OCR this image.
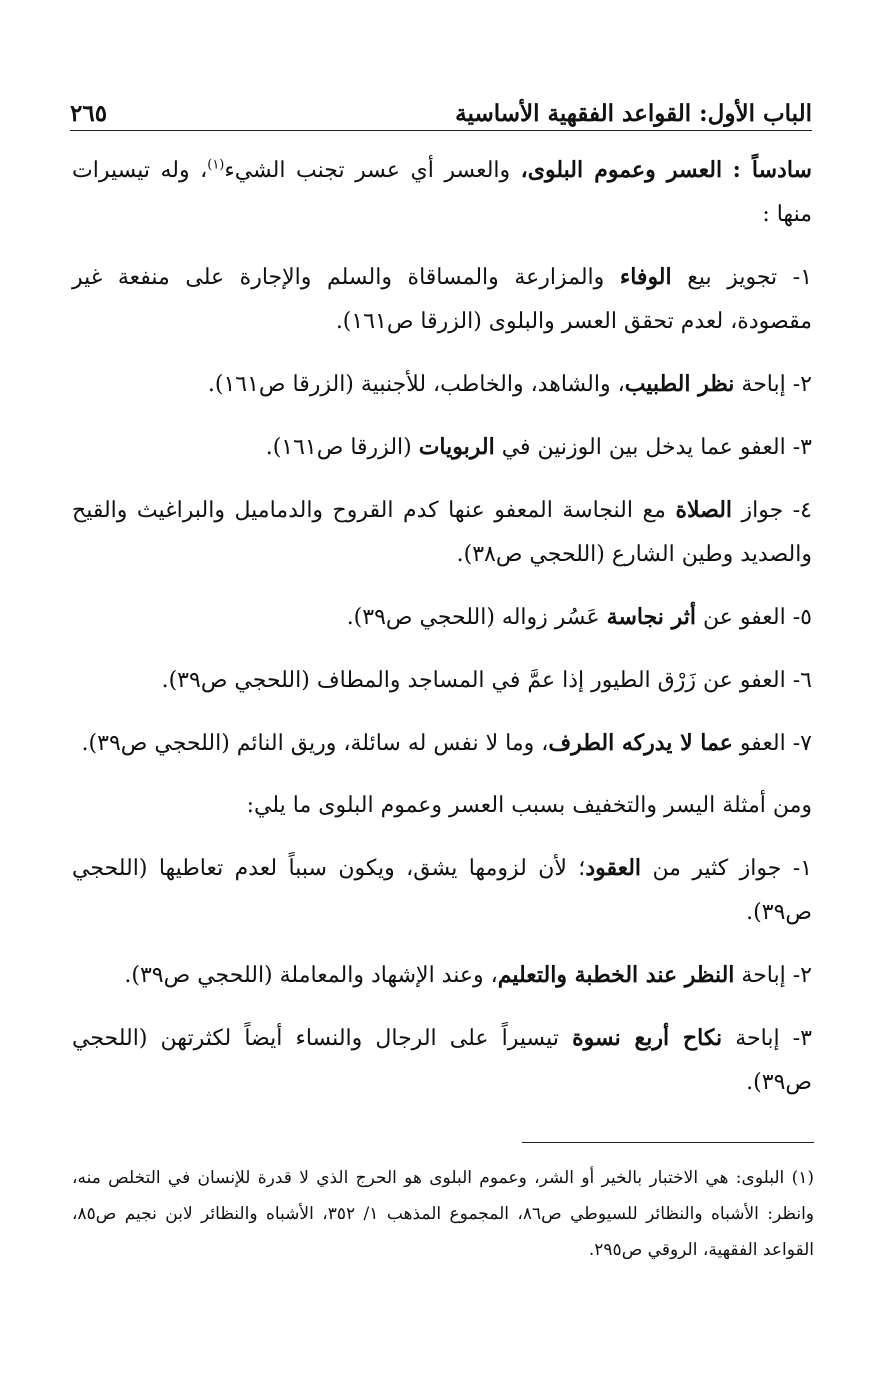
الباب الأول: القواعد الفقهية الأساسية
٢٦٥

سادساً : العسر وعموم البلوى، والعسر أي عسر تجنب الشيء$^{(١)}$، وله تيسيرات منها :

١- تجويز بيع الوفاء والمزارعة والمساقاة والسلم والإجارة على منفعة غير مقصودة، لعدم تحقق العسر والبلوى (الزرقا ص١٦١).

٢- إباحة نظر الطبيب، والشاهد، والخاطب، للأجنبية (الزرقا ص١٦١).

٣- العفو عما يدخل بين الوزنين في الربويات (الزرقا ص١٦١).

٤- جواز الصلاة مع النجاسة المعفو عنها كدم القروح والدماميل والبراغيث والقيح والصديد وطين الشارع (اللحجي ص٣٨).

٥- العفو عن أثر نجاسة عَسُر زواله (اللحجي ص٣٩).

٦- العفو عن زَرْق الطيور إذا عمَّ في المساجد والمطاف (اللحجي ص٣٩).

٧- العفو عما لا يدركه الطرف، وما لا نفس له سائلة، وريق النائم (اللحجي ص٣٩).

ومن أمثلة اليسر والتخفيف بسبب العسر وعموم البلوى ما يلي:

١- جواز كثير من العقود؛ لأن لزومها يشق، ويكون سبباً لعدم تعاطيها (اللحجي ص٣٩).

٢- إباحة النظر عند الخطبة والتعليم، وعند الإشهاد والمعاملة (اللحجي ص٣٩).

٣- إباحة نكاح أربع نسوة تيسيراً على الرجال والنساء أيضاً لكثرتهن (اللحجي ص٣٩).

(١) البلوى: هي الاختبار بالخير أو الشر، وعموم البلوى هو الحرج الذي لا قدرة للإنسان في التخلص منه، وانظر: الأشباه والنظائر للسيوطي ص٨٦، المجموع المذهب ١/ ٣٥٢، الأشباه والنظائر لابن نجيم ص٨٥، القواعد الفقهية، الروقي ص٢٩٥.
